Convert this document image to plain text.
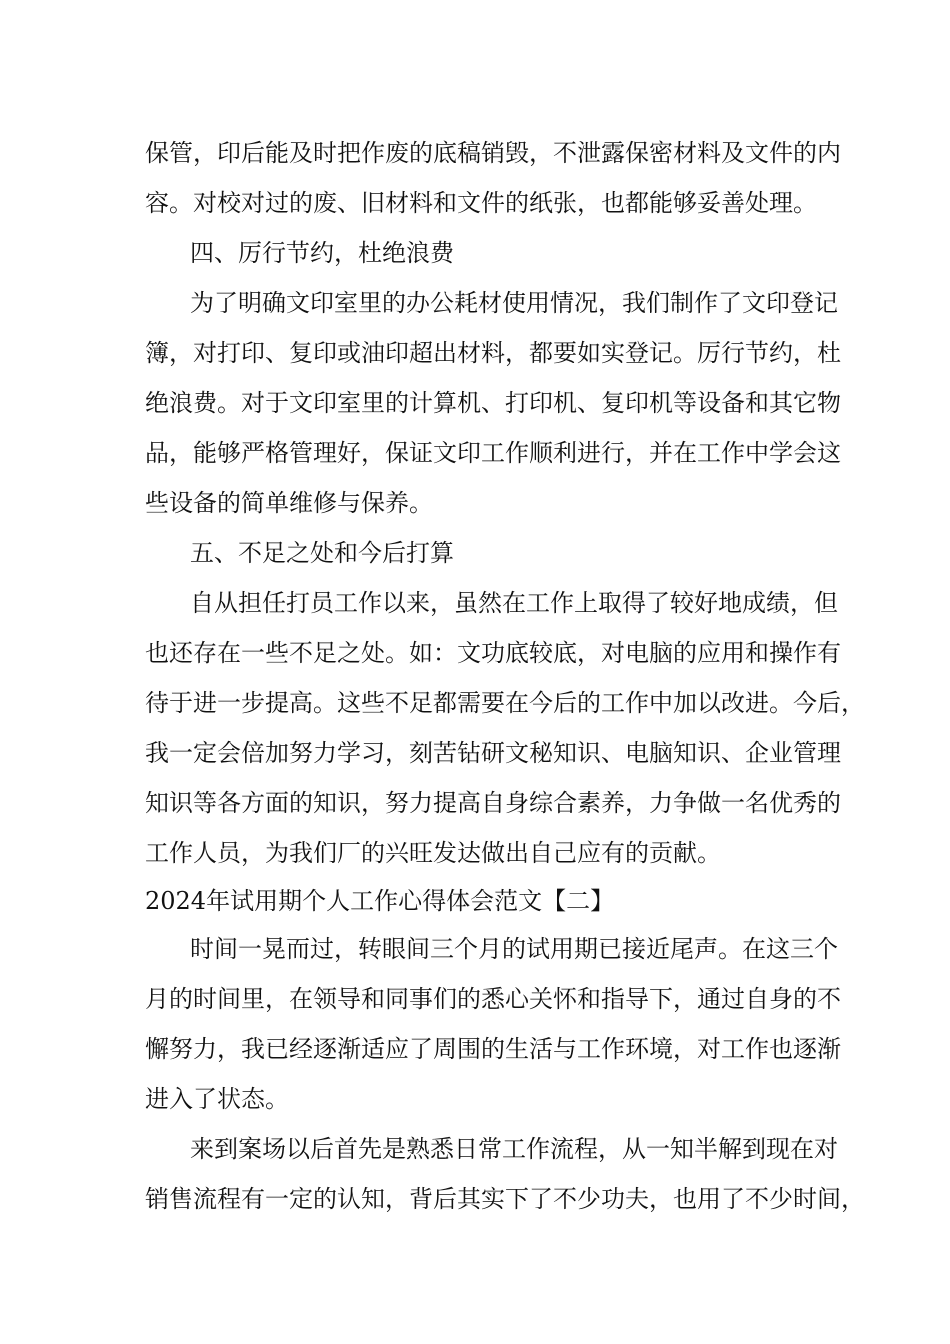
保管，印后能及时把作废的底稿销毁，不泄露保密材料及文件的内
容。对校对过的废、旧材料和文件的纸张，也都能够妥善处理。
四、厉行节约，杜绝浪费
为了明确文印室里的办公耗材使用情况，我们制作了文印登记
簿，对打印、复印或油印超出材料，都要如实登记。厉行节约，杜
绝浪费。对于文印室里的计算机、打印机、复印机等设备和其它物
品，能够严格管理好，保证文印工作顺利进行，并在工作中学会这
些设备的简单维修与保养。
五、不足之处和今后打算
自从担任打员工作以来，虽然在工作上取得了较好地成绩，但
也还存在一些不足之处。如：文功底较底，对电脑的应用和操作有
待于进一步提高。这些不足都需要在今后的工作中加以改进。今后，
我一定会倍加努力学习，刻苦钻研文秘知识、电脑知识、企业管理
知识等各方面的知识，努力提高自身综合素养，力争做一名优秀的
工作人员，为我们厂的兴旺发达做出自己应有的贡献。
2024年试用期个人工作心得体会范文【二】
时间一晃而过，转眼间三个月的试用期已接近尾声。在这三个
月的时间里，在领导和同事们的悉心关怀和指导下，通过自身的不
懈努力，我已经逐渐适应了周围的生活与工作环境，对工作也逐渐
进入了状态。
来到案场以后首先是熟悉日常工作流程，从一知半解到现在对
销售流程有一定的认知，背后其实下了不少功夫，也用了不少时间，
